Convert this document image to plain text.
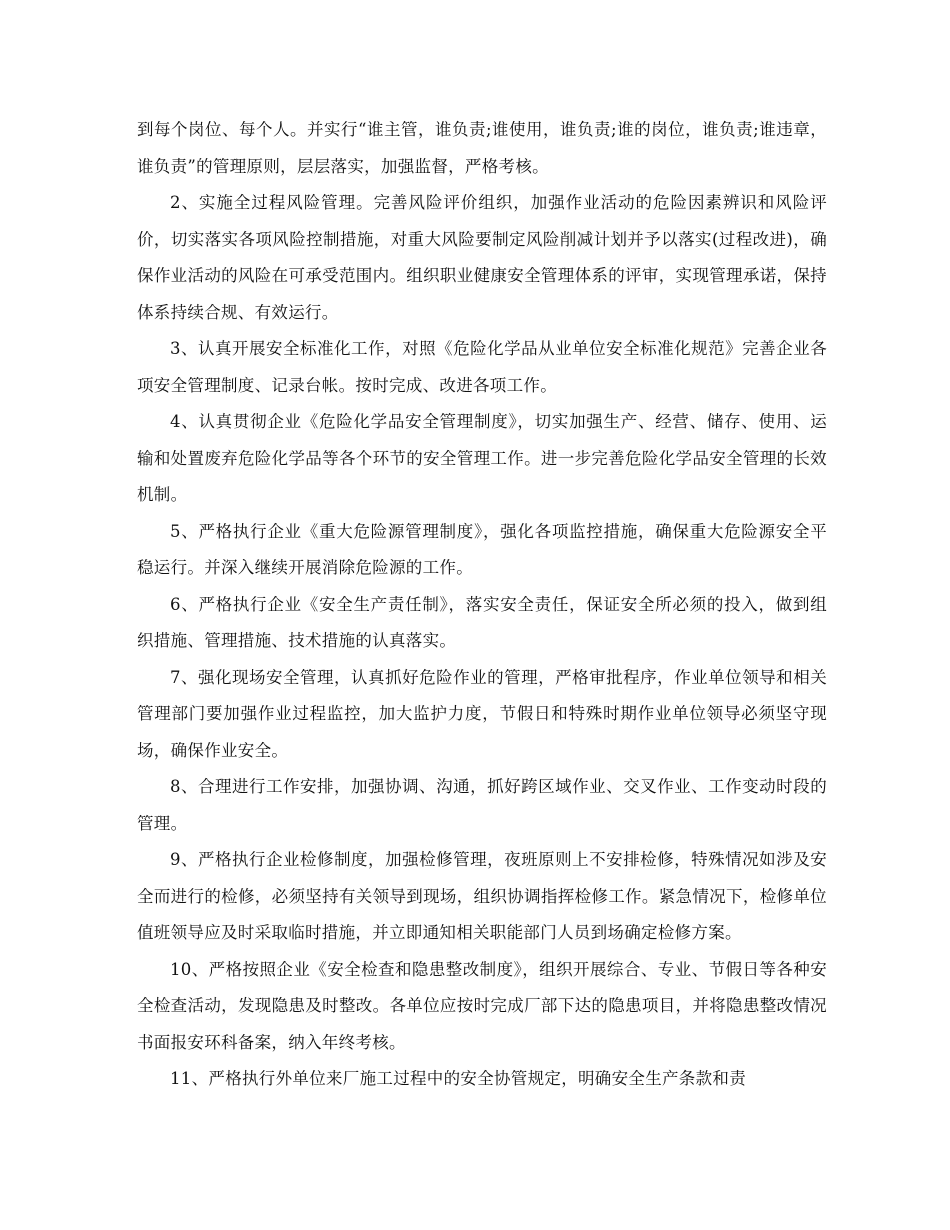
到每个岗位、每个人。并实行“谁主管，谁负责;谁使用，谁负责;谁的岗位，谁负责;谁违章，谁负责”的管理原则，层层落实，加强监督，严格考核。

2、实施全过程风险管理。完善风险评价组织，加强作业活动的危险因素辨识和风险评价，切实落实各项风险控制措施，对重大风险要制定风险削减计划并予以落实(过程改进)，确保作业活动的风险在可承受范围内。组织职业健康安全管理体系的评审，实现管理承诺，保持体系持续合规、有效运行。

3、认真开展安全标准化工作，对照《危险化学品从业单位安全标准化规范》完善企业各项安全管理制度、记录台帐。按时完成、改进各项工作。

4、认真贯彻企业《危险化学品安全管理制度》，切实加强生产、经营、储存、使用、运输和处置废弃危险化学品等各个环节的安全管理工作。进一步完善危险化学品安全管理的长效机制。

5、严格执行企业《重大危险源管理制度》，强化各项监控措施，确保重大危险源安全平稳运行。并深入继续开展消除危险源的工作。

6、严格执行企业《安全生产责任制》，落实安全责任，保证安全所必须的投入，做到组织措施、管理措施、技术措施的认真落实。

7、强化现场安全管理，认真抓好危险作业的管理，严格审批程序，作业单位领导和相关管理部门要加强作业过程监控，加大监护力度，节假日和特殊时期作业单位领导必须坚守现场，确保作业安全。

8、合理进行工作安排，加强协调、沟通，抓好跨区域作业、交叉作业、工作变动时段的管理。

9、严格执行企业检修制度，加强检修管理，夜班原则上不安排检修，特殊情况如涉及安全而进行的检修，必须坚持有关领导到现场，组织协调指挥检修工作。紧急情况下，检修单位值班领导应及时采取临时措施，并立即通知相关职能部门人员到场确定检修方案。

10、严格按照企业《安全检查和隐患整改制度》，组织开展综合、专业、节假日等各种安全检查活动，发现隐患及时整改。各单位应按时完成厂部下达的隐患项目，并将隐患整改情况书面报安环科备案，纳入年终考核。

11、严格执行外单位来厂施工过程中的安全协管规定，明确安全生产条款和责
